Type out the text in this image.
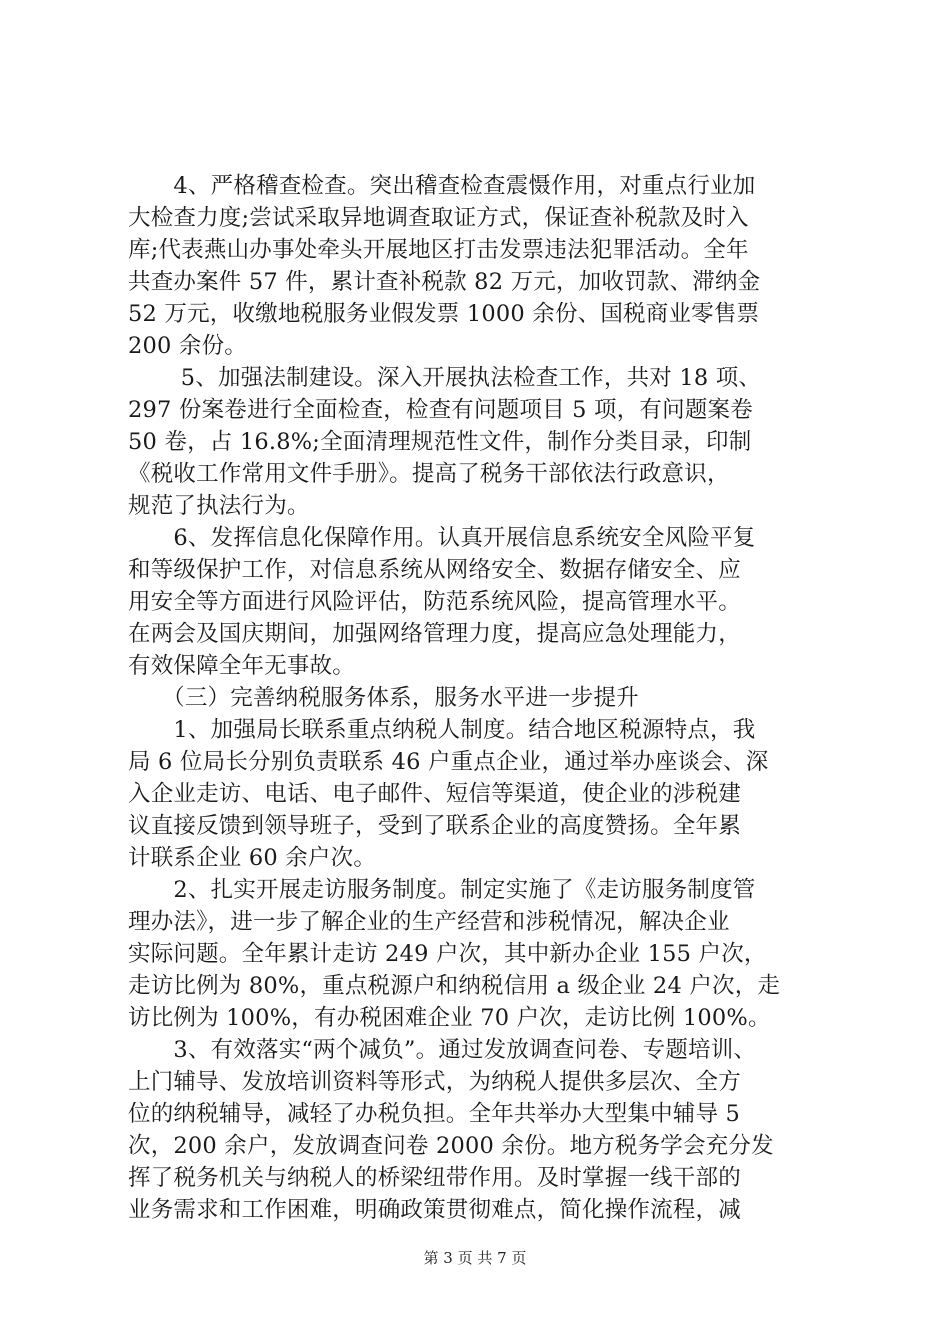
　　4、严格稽查检查。突出稽查检查震慑作用，对重点行业加
大检查力度;尝试采取异地调查取证方式，保证查补税款及时入
库;代表燕山办事处牵头开展地区打击发票违法犯罪活动。全年
共查办案件 57 件，累计查补税款 82 万元，加收罚款、滞纳金
52 万元，收缴地税服务业假发票 1000 余份、国税商业零售票
200 余份。
　　 5、加强法制建设。深入开展执法检查工作，共对 18 项、
297 份案卷进行全面检查，检查有问题项目 5 项，有问题案卷
50 卷，占 16.8%;全面清理规范性文件，制作分类目录，印制
《税收工作常用文件手册》。提高了税务干部依法行政意识，
规范了执法行为。
　　6、发挥信息化保障作用。认真开展信息系统安全风险平复
和等级保护工作，对信息系统从网络安全、数据存储安全、应
用安全等方面进行风险评估，防范系统风险，提高管理水平。
在两会及国庆期间，加强网络管理力度，提高应急处理能力，
有效保障全年无事故。
　　（三）完善纳税服务体系，服务水平进一步提升
　　1、加强局长联系重点纳税人制度。结合地区税源特点，我
局 6 位局长分别负责联系 46 户重点企业，通过举办座谈会、深
入企业走访、电话、电子邮件、短信等渠道，使企业的涉税建
议直接反馈到领导班子，受到了联系企业的高度赞扬。全年累
计联系企业 60 余户次。
　　2、扎实开展走访服务制度。制定实施了《走访服务制度管
理办法》，进一步了解企业的生产经营和涉税情况，解决企业
实际问题。全年累计走访 249 户次，其中新办企业 155 户次，
走访比例为 80%，重点税源户和纳税信用 a 级企业 24 户次，走
访比例为 100%，有办税困难企业 70 户次，走访比例 100%。
　　3、有效落实“两个减负”。通过发放调查问卷、专题培训、
上门辅导、发放培训资料等形式，为纳税人提供多层次、全方
位的纳税辅导，减轻了办税负担。全年共举办大型集中辅导 5
次，200 余户，发放调查问卷 2000 余份。地方税务学会充分发
挥了税务机关与纳税人的桥梁纽带作用。及时掌握一线干部的
业务需求和工作困难，明确政策贯彻难点，简化操作流程，减
第 3 页 共 7 页
